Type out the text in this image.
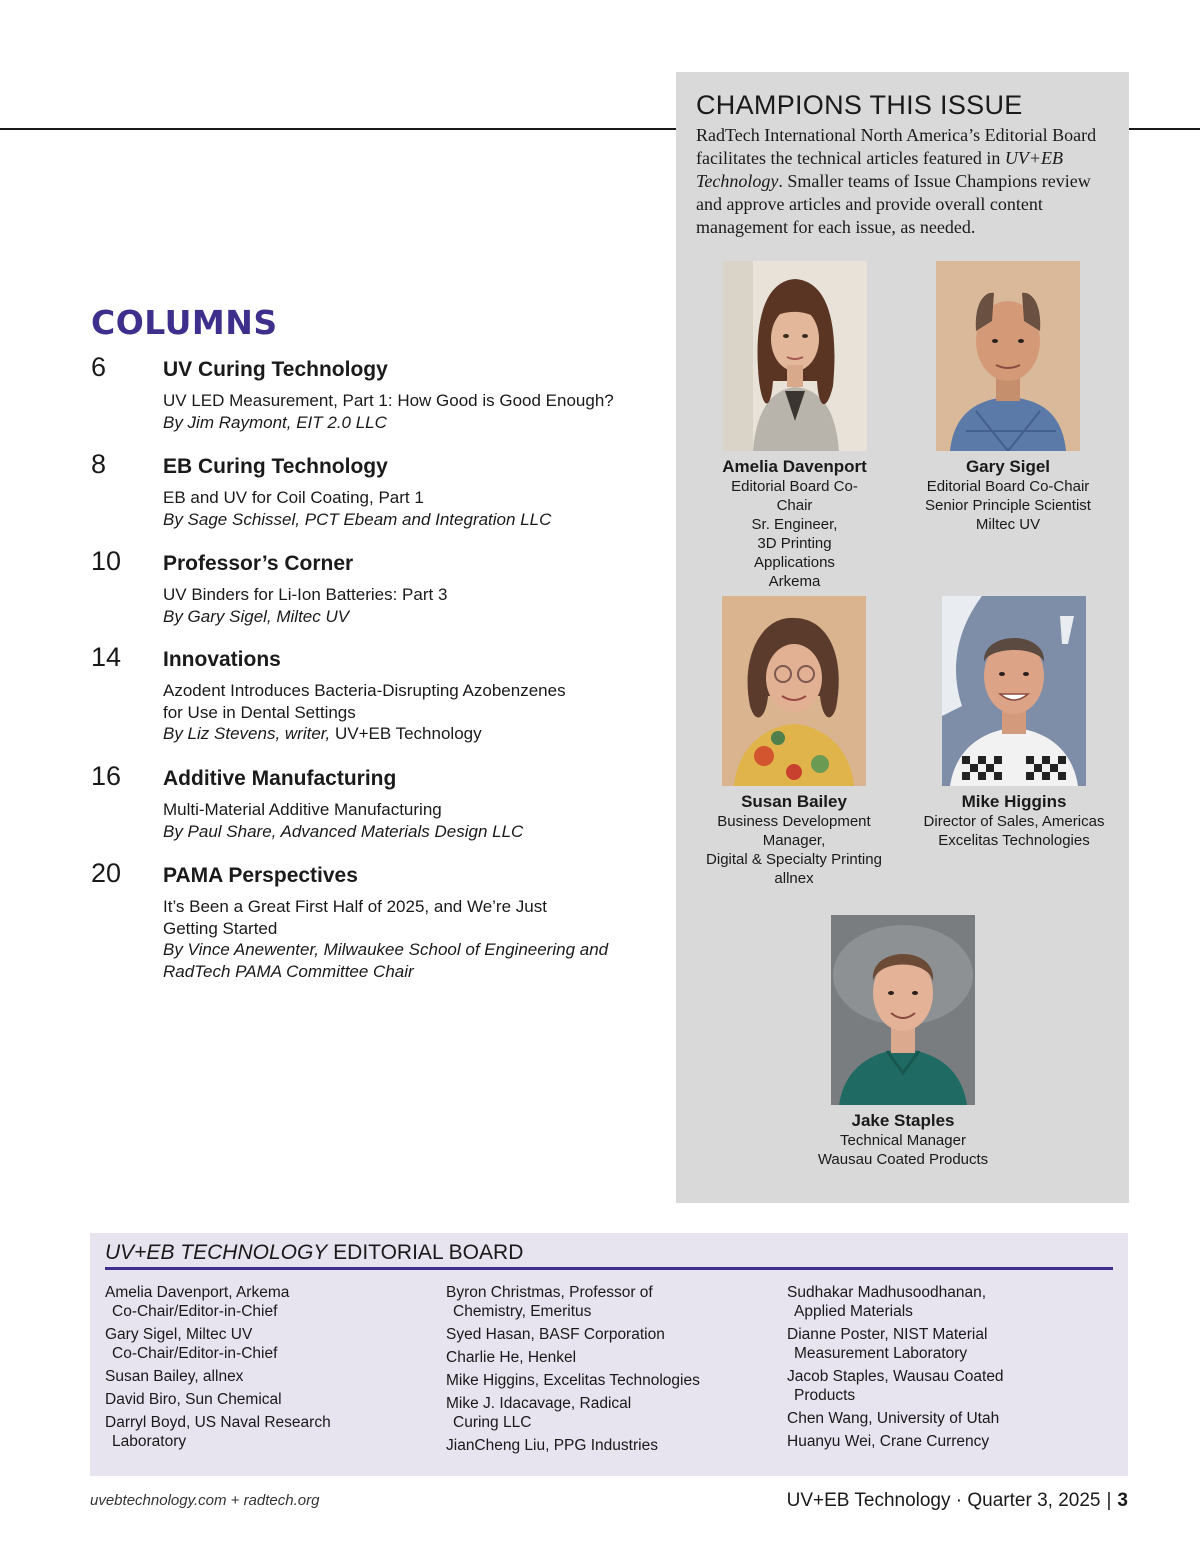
CHAMPIONS THIS ISSUE
RadTech International North America’s Editorial Board facilitates the technical articles featured in UV+EB Technology. Smaller teams of Issue Champions review and approve articles and provide overall content management for each issue, as needed.
Amelia Davenport
Editorial Board Co-Chair
Sr. Engineer,
3D Printing Applications
Arkema
Gary Sigel
Editorial Board Co-Chair
Senior Principle Scientist
Miltec UV
Susan Bailey
Business Development
Manager,
Digital & Specialty Printing
allnex
Mike Higgins
Director of Sales, Americas
Excelitas Technologies
Jake Staples
Technical Manager
Wausau Coated Products
COLUMNS
6	UV Curing Technology
UV LED Measurement, Part 1: How Good is Good Enough?
By Jim Raymont, EIT 2.0 LLC
8	EB Curing Technology
EB and UV for Coil Coating, Part 1
By Sage Schissel, PCT Ebeam and Integration LLC
10 Professor’s Corner
UV Binders for Li-Ion Batteries: Part 3
By Gary Sigel, Miltec UV
14 Innovations
Azodent Introduces Bacteria-Disrupting Azobenzenes
for Use in Dental Settings
By Liz Stevens, writer, UV+EB Technology
16 Additive Manufacturing
Multi-Material Additive Manufacturing
By Paul Share, Advanced Materials Design LLC
20 PAMA Perspectives
It’s Been a Great First Half of 2025, and We’re Just
Getting Started
By Vince Anewenter, Milwaukee School of Engineering and
RadTech PAMA Committee Chair
UV+EB TECHNOLOGY EDITORIAL BOARD
Amelia Davenport, Arkema
Co-Chair/Editor-in-Chief
Gary Sigel, Miltec UV
Co-Chair/Editor-in-Chief
Susan Bailey, allnex
David Biro, Sun Chemical
Darryl Boyd, US Naval Research
Laboratory
Byron Christmas, Professor of
Chemistry, Emeritus
Syed Hasan, BASF Corporation
Charlie He, Henkel
Mike Higgins, Excelitas Technologies
Mike J. Idacavage, Radical
Curing LLC
JianCheng Liu, PPG Industries
Sudhakar Madhusoodhanan,
Applied Materials
Dianne Poster, NIST Material
Measurement Laboratory
Jacob Staples, Wausau Coated
Products
Chen Wang, University of Utah
Huanyu Wei, Crane Currency
uvebtechnology.com + radtech.org	UV+EB Technology · Quarter 3, 2025 | 3
